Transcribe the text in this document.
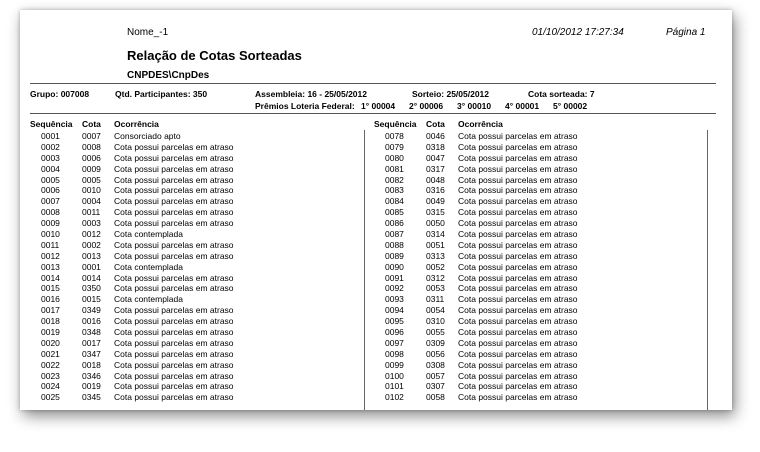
Nome_-1	01/10/2012 17:27:34	Página 1
Relação de Cotas Sorteadas
CNPDES\CnpDes
Grupo: 007008	Qtd. Participantes: 350	Assembleia: 16 - 25/05/2012	Sorteio: 25/05/2012	Cota sorteada: 7
Prêmios Loteria Federal: 1° 00004 2° 00006 3° 00010 4° 00001 5° 00002
Sequência Cota Ocorrência	Sequência Cota Ocorrência
0001	0007 Consorciado apto
0002	0008 Cota possui parcelas em atraso
0003	0006 Cota possui parcelas em atraso
0004	0009 Cota possui parcelas em atraso
0005	0005 Cota possui parcelas em atraso
0006	0010 Cota possui parcelas em atraso
0007	0004 Cota possui parcelas em atraso
0008	0011 Cota possui parcelas em atraso
0009	0003 Cota possui parcelas em atraso
0010	0012 Cota contemplada
0011	0002 Cota possui parcelas em atraso
0012	0013 Cota possui parcelas em atraso
0013	0001 Cota contemplada
0014	0014 Cota possui parcelas em atraso
0015	0350 Cota possui parcelas em atraso
0016	0015 Cota contemplada
0017	0349 Cota possui parcelas em atraso
0018	0016 Cota possui parcelas em atraso
0019	0348 Cota possui parcelas em atraso
0020	0017 Cota possui parcelas em atraso
0021	0347 Cota possui parcelas em atraso
0022	0018 Cota possui parcelas em atraso
0023	0346 Cota possui parcelas em atraso
0024	0019 Cota possui parcelas em atraso
0025	0345 Cota possui parcelas em atraso
0078	0046 Cota possui parcelas em atraso
0079	0318 Cota possui parcelas em atraso
0080	0047 Cota possui parcelas em atraso
0081	0317 Cota possui parcelas em atraso
0082	0048 Cota possui parcelas em atraso
0083	0316 Cota possui parcelas em atraso
0084	0049 Cota possui parcelas em atraso
0085	0315 Cota possui parcelas em atraso
0086	0050 Cota possui parcelas em atraso
0087	0314 Cota possui parcelas em atraso
0088	0051 Cota possui parcelas em atraso
0089	0313 Cota possui parcelas em atraso
0090	0052 Cota possui parcelas em atraso
0091	0312 Cota possui parcelas em atraso
0092	0053 Cota possui parcelas em atraso
0093	0311 Cota possui parcelas em atraso
0094	0054 Cota possui parcelas em atraso
0095	0310 Cota possui parcelas em atraso
0096	0055 Cota possui parcelas em atraso
0097	0309 Cota possui parcelas em atraso
0098	0056 Cota possui parcelas em atraso
0099	0308 Cota possui parcelas em atraso
0100	0057 Cota possui parcelas em atraso
0101	0307 Cota possui parcelas em atraso
0102	0058 Cota possui parcelas em atraso
